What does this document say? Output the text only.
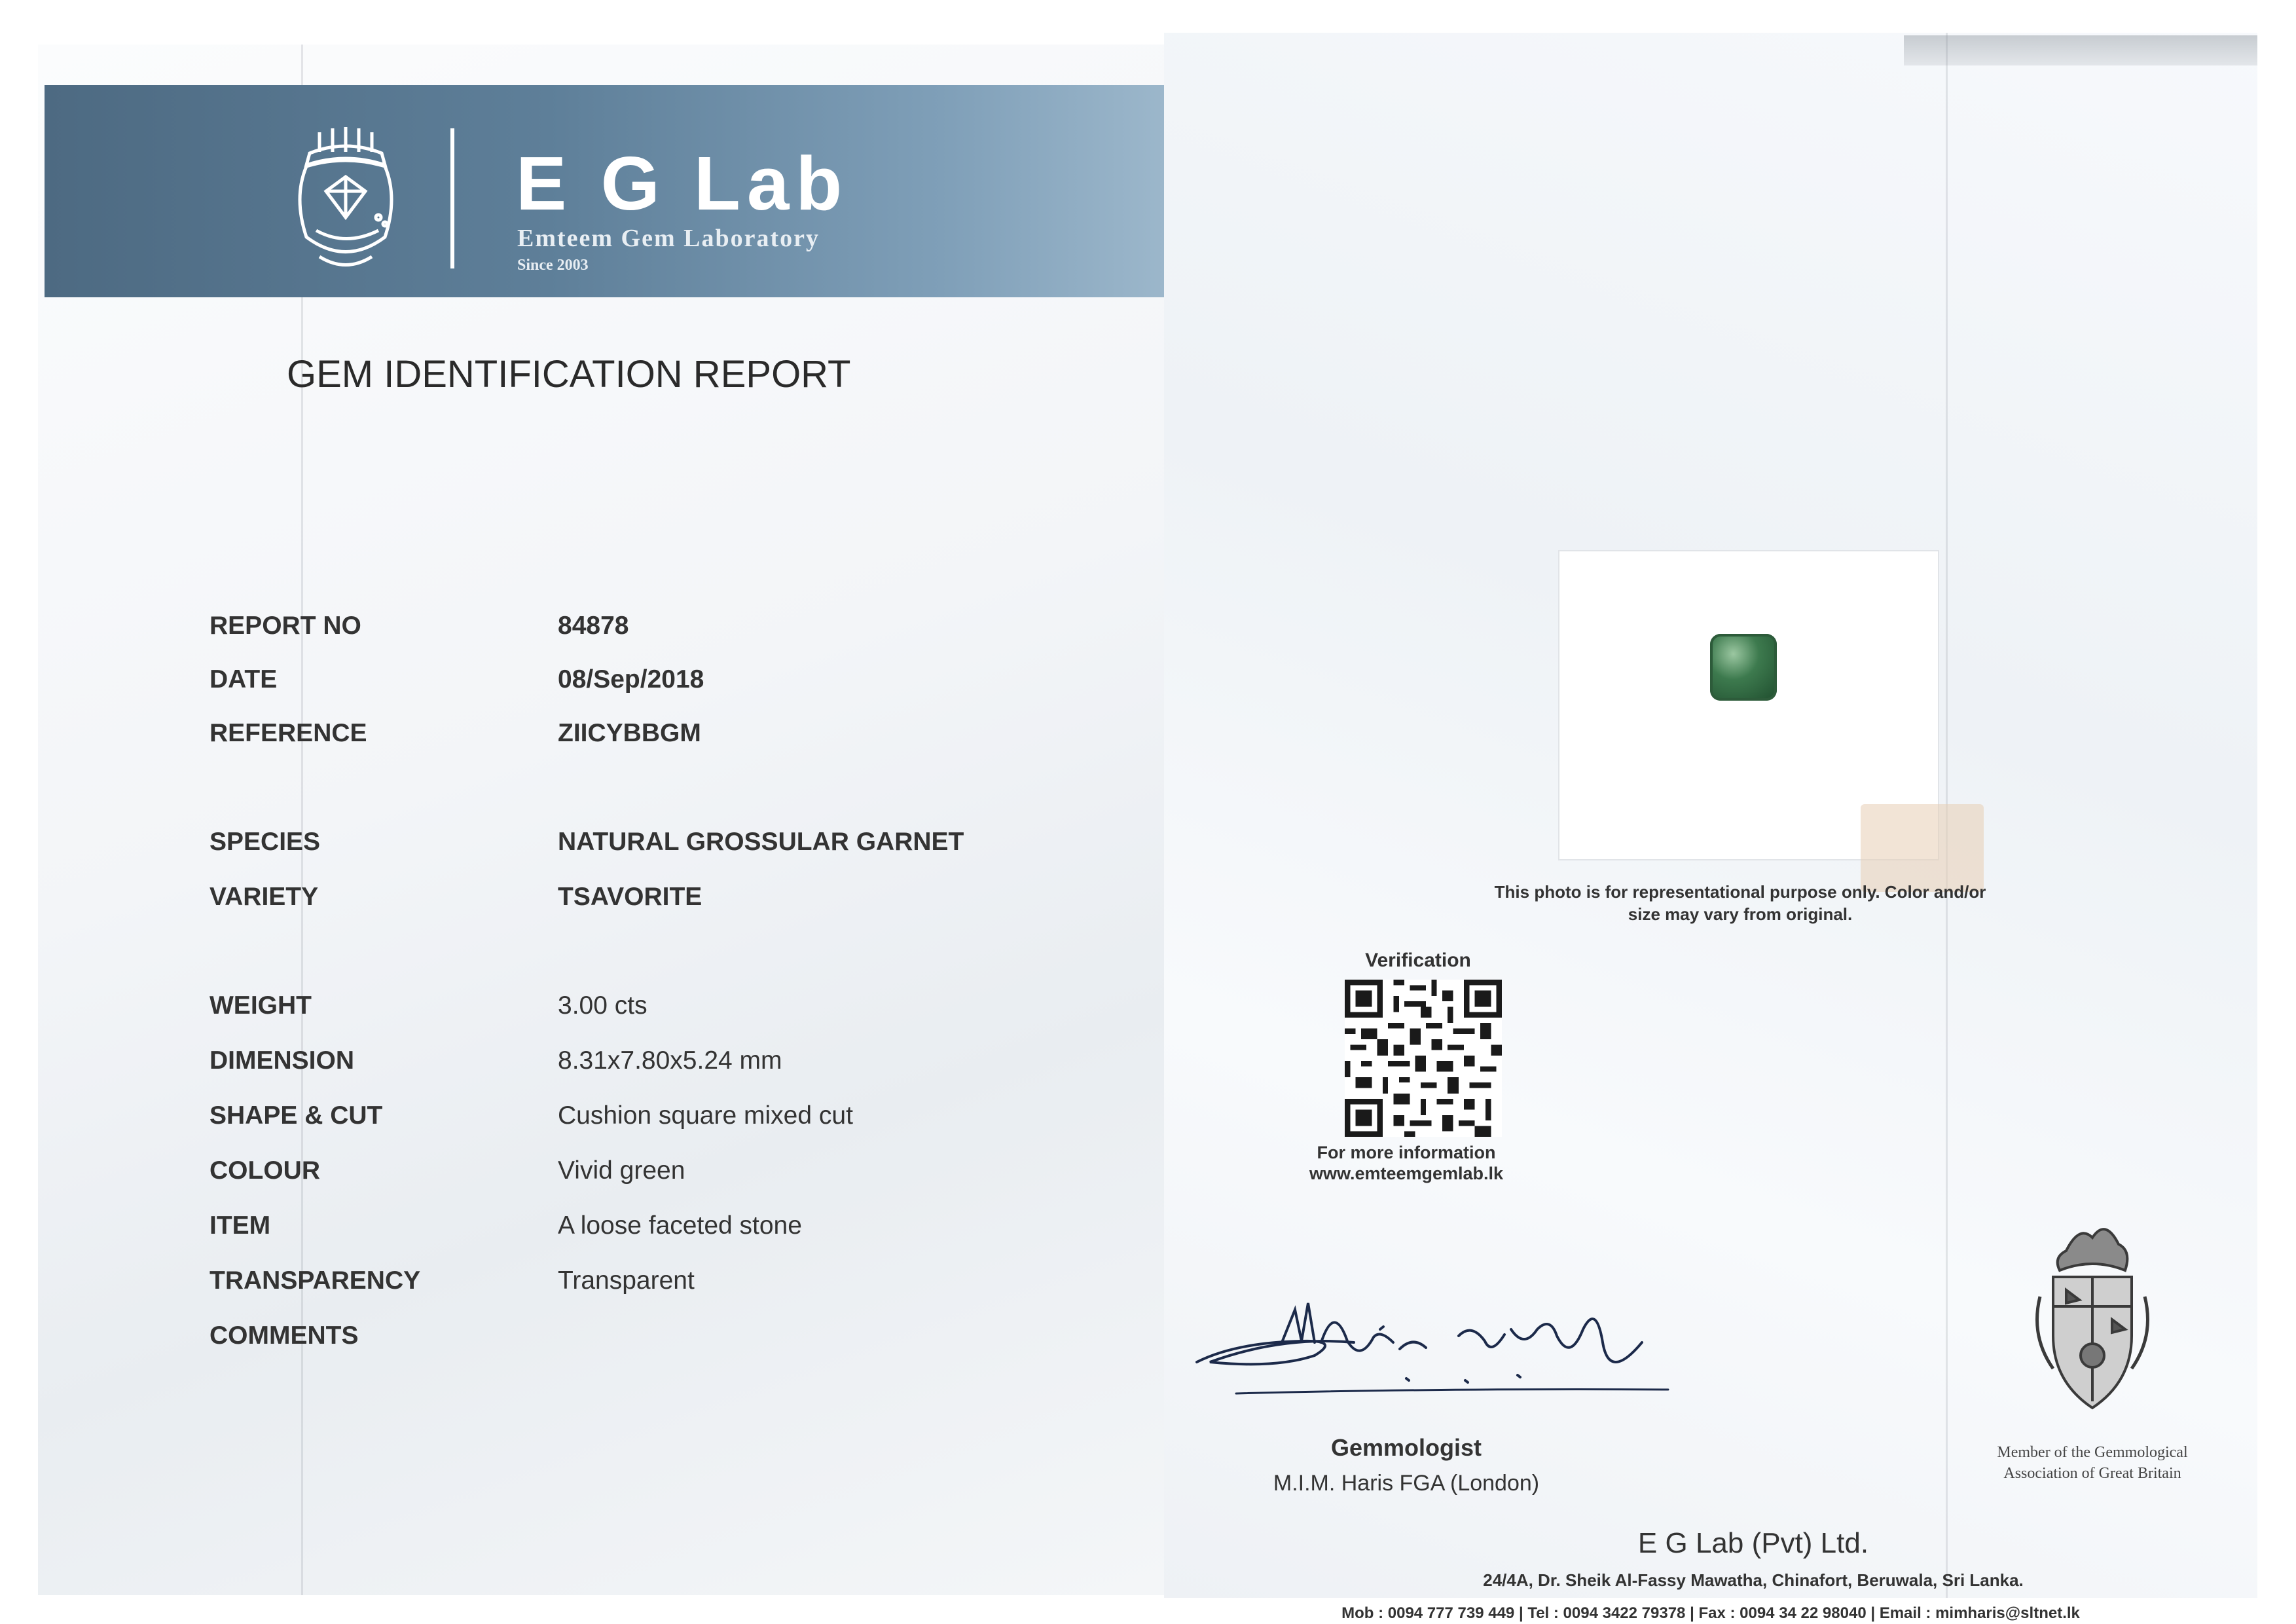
E G Lab
Emteem Gem Laboratory
Since 2003
GEM IDENTIFICATION REPORT
REPORT NO	84878
DATE	08/Sep/2018
REFERENCE	ZIICYBBGM
SPECIES	NATURAL GROSSULAR GARNET
VARIETY	TSAVORITE
WEIGHT	3.00 cts
DIMENSION	8.31x7.80x5.24 mm
SHAPE & CUT	Cushion square mixed cut
COLOUR	Vivid green
ITEM	A loose faceted stone
TRANSPARENCY	Transparent
COMMENTS
This photo is for representational purpose only. Color and/or
size may vary from original.
Verification
For more information
www.emteemgemlab.lk
Gemmologist
M.I.M. Haris FGA (London)
Member of the Gemmological
Association of Great Britain
E G Lab (Pvt) Ltd.
24/4A, Dr. Sheik Al-Fassy Mawatha, Chinafort, Beruwala, Sri Lanka.
Mob : 0094 777 739 449 | Tel : 0094 3422 79378 | Fax : 0094 34 22 98040 | Email : mimharis@sltnet.lk
